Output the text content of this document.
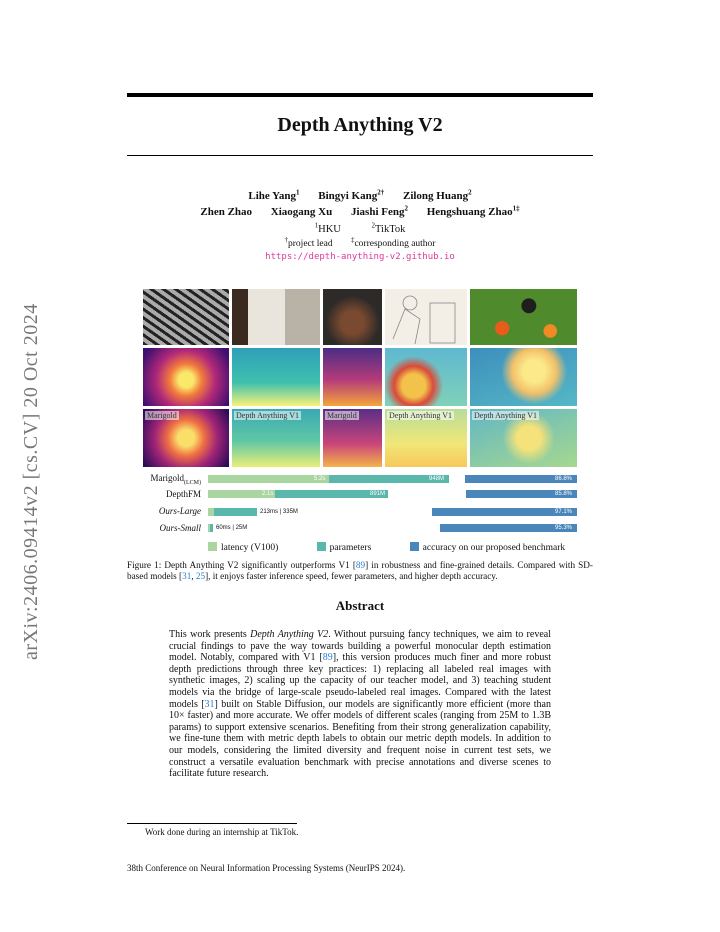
arXiv:2406.09414v2 [cs.CV] 20 Oct 2024
Depth Anything V2
Lihe Yang$^1$ Bingyi Kang$^{2\dagger}$ Zilong Huang$^2$
Zhen Zhao Xiaogang Xu Jiashi Feng$^2$ Hengshuang Zhao$^{1\ddagger}$
$^1$HKU	$^2$TikTok
†project lead	‡corresponding author
https://depth-anything-v2.github.io
Marigold	Depth Anything V1	Marigold	Depth Anything V1	Depth Anything V1
Marigold$_{(LCM)}$
DepthFM
Ours-Large
Ours-Small
5.2s	948M	86.8%
2.1s	891M	85.8%
213ms | 335M	97.1%
60ms | 25M	95.3%
latency (V100)	parameters	accuracy on our proposed benchmark
Figure 1: Depth Anything V2 significantly outperforms V1 [89] in robustness and fine-grained details. Compared with SD-based models [31, 25], it enjoys faster inference speed, fewer parameters, and higher depth accuracy.
Abstract
This work presents Depth Anything V2. Without pursuing fancy techniques, we aim to reveal crucial findings to pave the way towards building a powerful monocular depth estimation model. Notably, compared with V1 [89], this version produces much finer and more robust depth predictions through three key practices: 1) replacing all labeled real images with synthetic images, 2) scaling up the capacity of our teacher model, and 3) teaching student models via the bridge of large-scale pseudo-labeled real images. Compared with the latest models [31] built on Stable Diffusion, our models are significantly more efficient (more than 10× faster) and more accurate. We offer models of different scales (ranging from 25M to 1.3B params) to support extensive scenarios. Benefiting from their strong generalization capability, we fine-tune them with metric depth labels to obtain our metric depth models. In addition to our models, considering the limited diversity and frequent noise in current test sets, we construct a versatile evaluation benchmark with precise annotations and diverse scenes to facilitate future research.
Work done during an internship at TikTok.
38th Conference on Neural Information Processing Systems (NeurIPS 2024).
